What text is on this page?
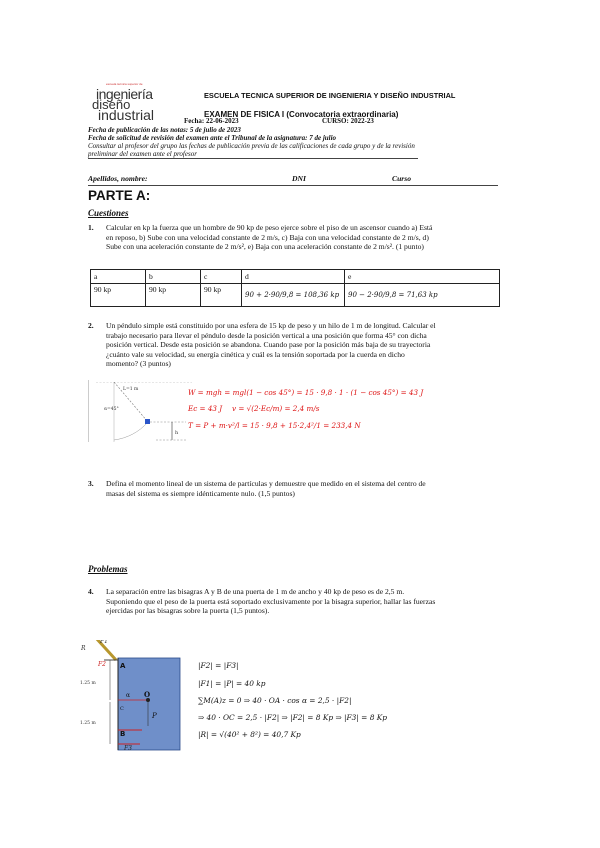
escuela técnica superior de
ingeniería
diseño
industrial
ESCUELA TECNICA SUPERIOR DE INGENIERIA Y DISEÑO INDUSTRIAL
EXAMEN DE FISICA I (Convocatoria extraordinaria)
Fecha: 22-06-2023	CURSO: 2022-23
Fecha de publicación de las notas: 5 de julio de 2023
Fecha de solicitud de revisión del examen ante el Tribunal de la asignatura: 7 de julio
Consultar al profesor del grupo las fechas de publicación previa de las calificaciones de cada grupo y de la revisión
preliminar del examen ante el profesor
Apellidos, nombre:	DNI	Curso
PARTE A:
Cuestiones
1. Calcular en kp la fuerza que un hombre de 90 kp de peso ejerce sobre el piso de un ascensor cuando a) Está en reposo, b) Sube con una velocidad constante de 2 m/s, c) Baja con una velocidad constante de 2 m/s, d) Sube con una aceleración constante de 2 m/s², e) Baja con una aceleración constante de 2 m/s². (1 punto)
a	b	c	d	e
90 kp	90 kp	90 kp	90 + 2·90/9,8 = 108,36 kp	90 − 2·90/9,8 = 71,63 kp
2. Un péndulo simple está constituido por una esfera de 15 kp de peso y un hilo de 1 m de longitud. Calcular el trabajo necesario para llevar el péndulo desde la posición vertical a una posición que forma 45° con dicha posición vertical. Desde esta posición se abandona. Cuando pase por la posición más baja de su trayectoria ¿cuánto vale su velocidad, su energía cinética y cuál es la tensión soportada por la cuerda en dicho momento? (3 puntos)
L=1 m
α=45°
h
W = mgh = mgl(1 − cos 45°) = 15 · 9,8 · 1 · (1 − cos 45°) = 43 J
Ec = 43 J v = √(2·Ec/m) = 2,4 m/s
T = P + m·v²/l = 15 · 9,8 + 15·2,4²/1 = 233,4 N
3. Defina el momento lineal de un sistema de partículas y demuestre que medido en el sistema del centro de masas del sistema es siempre idénticamente nulo. (1,5 puntos)
Problemas
4. La separación entre las bisagras A y B de una puerta de 1 m de ancho y 40 kp de peso es de 2,5 m. Suponiendo que el peso de la puerta está soportado exclusivamente por la bisagra superior, hallar las fuerzas ejercidas por las bisagras sobre la puerta (1,5 puntos).
R
F1
F2
F3
A
B
C
O
α
P
1.25 m
1.25 m
|F2| = |F3|
|F1| = |P| = 40 kp
∑M(A)z = 0 ⇒ 40 · OA · cos α = 2,5 · |F2|
⇒ 40 · OC = 2,5 · |F2| ⇒ |F2| = 8 Kp ⇒ |F3| = 8 Kp
|R| = √(40² + 8²) = 40,7 Kp
